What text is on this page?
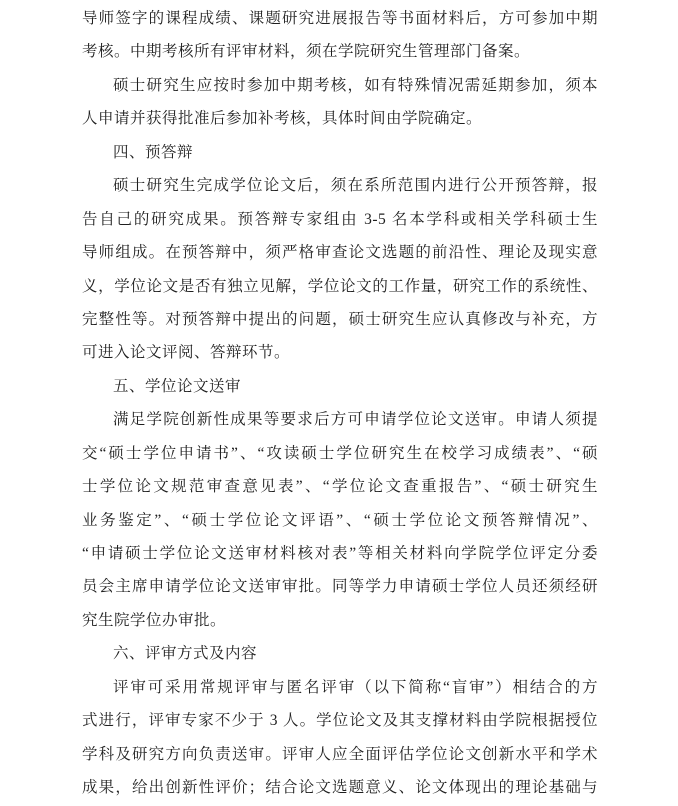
导师签字的课程成绩、课题研究进展报告等书面材料后，方可参加中期
考核。中期考核所有评审材料，须在学院研究生管理部门备案。
硕士研究生应按时参加中期考核，如有特殊情况需延期参加，须本
人申请并获得批准后参加补考核，具体时间由学院确定。
四、预答辩
硕士研究生完成学位论文后，须在系所范围内进行公开预答辩，报
告自己的研究成果。预答辩专家组由 3-5 名本学科或相关学科硕士生
导师组成。在预答辩中，须严格审查论文选题的前沿性、理论及现实意
义，学位论文是否有独立见解，学位论文的工作量，研究工作的系统性、
完整性等。对预答辩中提出的问题，硕士研究生应认真修改与补充，方
可进入论文评阅、答辩环节。
五、学位论文送审
满足学院创新性成果等要求后方可申请学位论文送审。申请人须提
交“硕士学位申请书”、“攻读硕士学位研究生在校学习成绩表”、“硕
士学位论文规范审查意见表”、“学位论文查重报告”、“硕士研究生
业务鉴定”、“硕士学位论文评语”、“硕士学位论文预答辩情况”、
“申请硕士学位论文送审材料核对表”等相关材料向学院学位评定分委
员会主席申请学位论文送审审批。同等学力申请硕士学位人员还须经研
究生院学位办审批。
六、评审方式及内容
评审可采用常规评审与匿名评审（以下简称“盲审”）相结合的方
式进行，评审专家不少于 3 人。学位论文及其支撑材料由学院根据授位
学科及研究方向负责送审。评审人应全面评估学位论文创新水平和学术
成果，给出创新性评价；结合论文选题意义、论文体现出的理论基础与
